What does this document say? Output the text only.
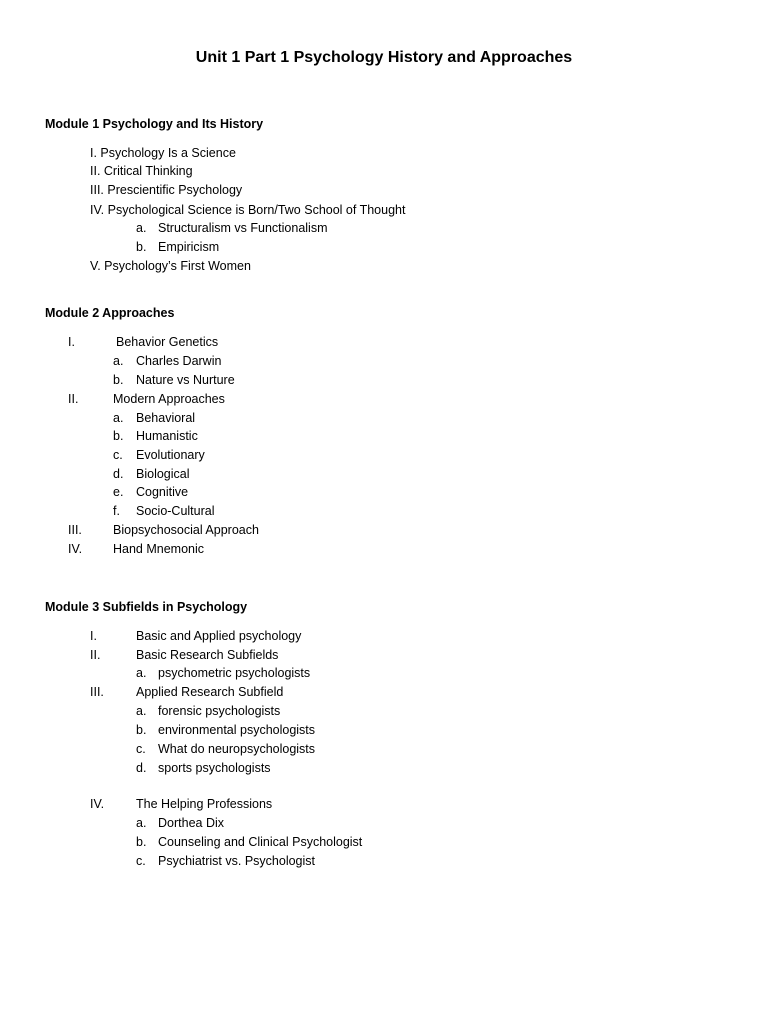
Unit 1 Part 1 Psychology History and Approaches
Module 1 Psychology and Its History
I. Psychology Is a Science
II. Critical Thinking
III. Prescientific Psychology
IV. Psychological Science is Born/Two School of Thought
a. Structuralism vs Functionalism
b. Empiricism
V. Psychology’s First Women
Module 2 Approaches
I.	Behavior Genetics
a. Charles Darwin
b. Nature vs Nurture
II.	Modern Approaches
a. Behavioral
b. Humanistic
c. Evolutionary
d. Biological
e. Cognitive
f. Socio-Cultural
III. Biopsychosocial Approach
IV. Hand Mnemonic
Module 3 Subfields in Psychology
I.	Basic and Applied psychology
II.	Basic Research Subfields
a. psychometric psychologists
III.	Applied Research Subfield
a. forensic psychologists
b. environmental psychologists
c. What do neuropsychologists
d. sports psychologists
IV.	The Helping Professions
a. Dorthea Dix
b. Counseling and Clinical Psychologist
c. Psychiatrist vs. Psychologist
